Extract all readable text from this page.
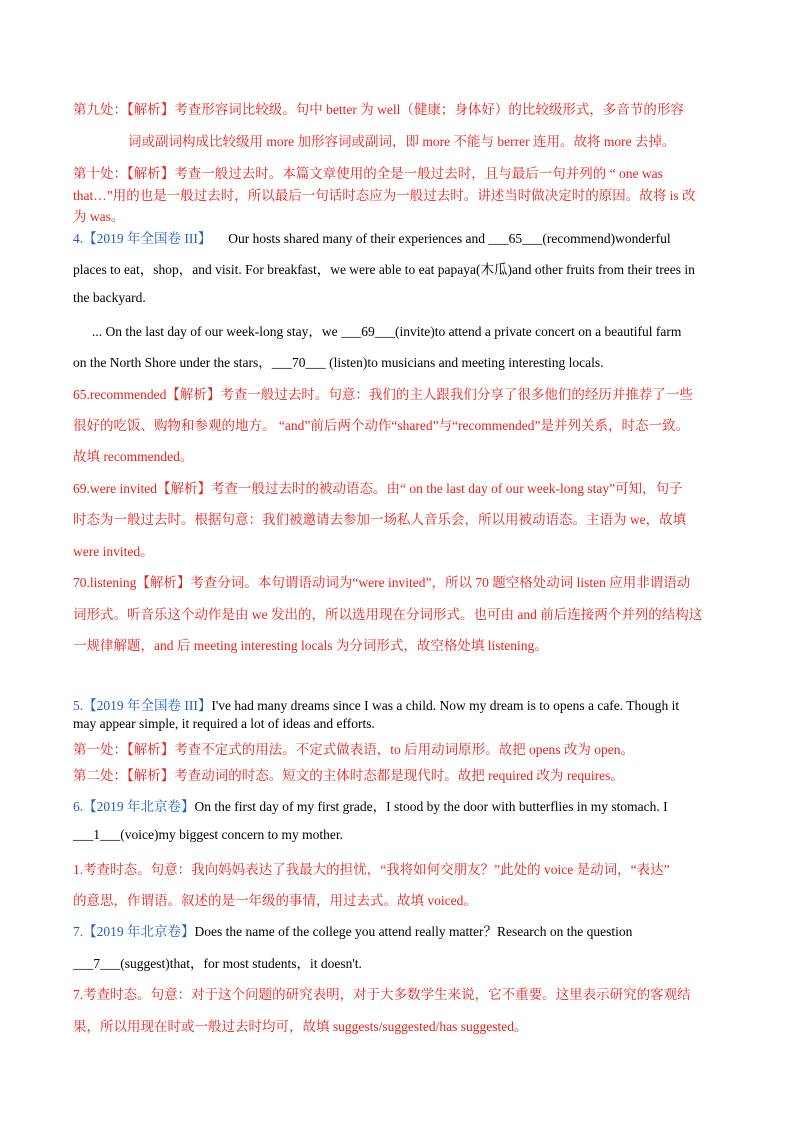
第九处：【解析】考查形容词比较级。句中 better 为 well（健康；身体好）的比较级形式，多音节的形容
词或副词构成比较级用 more 加形容词或副词，即 more 不能与 berrer 连用。故将 more 去掉。
第十处：【解析】考查一般过去时。本篇文章使用的全是一般过去时，且与最后一句并列的 “ one was
that…”用的也是一般过去时，所以最后一句话时态应为一般过去时。讲述当时做决定时的原因。故将 is 改
为 was。
4.【2019 年全国卷 III】 Our hosts shared many of their experiences and ___65___(recommend)wonderful
places to eat，shop，and visit. For breakfast，we were able to eat papaya(木瓜)and other fruits from their trees in
the backyard.
... On the last day of our week-long stay，we ___69___(invite)to attend a private concert on a beautiful farm
on the North Shore under the stars，___70___ (listen)to musicians and meeting interesting locals.
65.recommended【解析】考查一般过去时。句意：我们的主人跟我们分享了很多他们的经历并推荐了一些
很好的吃饭、购物和参观的地方。 “and”前后两个动作“shared”与“recommended”是并列关系，时态一致。
故填 recommended。
69.were invited【解析】考查一般过去时的被动语态。由“ on the last day of our week-long stay”可知，句子
时态为一般过去时。根据句意：我们被邀请去参加一场私人音乐会，所以用被动语态。主语为 we，故填
were invited。
70.listening【解析】考查分词。本句谓语动词为“were invited”，所以 70 题空格处动词 listen 应用非谓语动
词形式。听音乐这个动作是由 we 发出的，所以选用现在分词形式。也可由 and 前后连接两个并列的结构这
一规律解题，and 后 meeting interesting locals 为分词形式，故空格处填 listening。
5.【2019 年全国卷 III】I've had many dreams since I was a child. Now my dream is to opens a cafe. Though it
may appear simple, it required a lot of ideas and efforts.
第一处：【解析】考查不定式的用法。不定式做表语，to 后用动词原形。故把 opens 改为 open。
第二处：【解析】考查动词的时态。短文的主体时态都是现代时。故把 required 改为 requires。
6.【2019 年北京卷】On the first day of my first grade，I stood by the door with butterflies in my stomach. I
___1___(voice)my biggest concern to my mother.
1.考查时态。句意：我向妈妈表达了我最大的担忧，“我将如何交朋友？”此处的 voice 是动词，“表达”
的意思，作谓语。叙述的是一年级的事情，用过去式。故填 voiced。
7.【2019 年北京卷】Does the name of the college you attend really matter？Research on the question
___7___(suggest)that，for most students，it doesn't.
7.考查时态。句意：对于这个问题的研究表明，对于大多数学生来说，它不重要。这里表示研究的客观结
果，所以用现在时或一般过去时均可，故填 suggests/suggested/has suggested。
